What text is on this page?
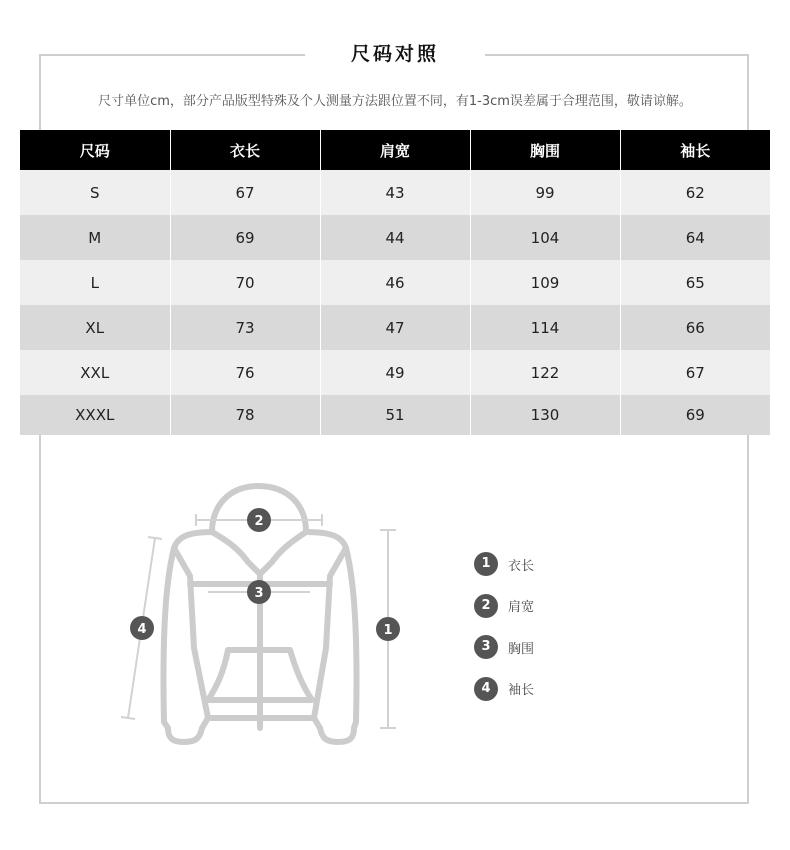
尺码对照
尺寸单位cm，部分产品版型特殊及个人测量方法跟位置不同，有1-3cm误差属于合理范围，敬请谅解。
尺码	衣长	肩宽	胸围	袖长
S	67	43	99	62
M	69	44	104	64
L	70	46	109	65
XL	73	47	114	66
XXL	76	49	122	67
XXXL	78	51	130	69
2
3
1
4
1	衣长
2	肩宽
3	胸围
4	袖长
